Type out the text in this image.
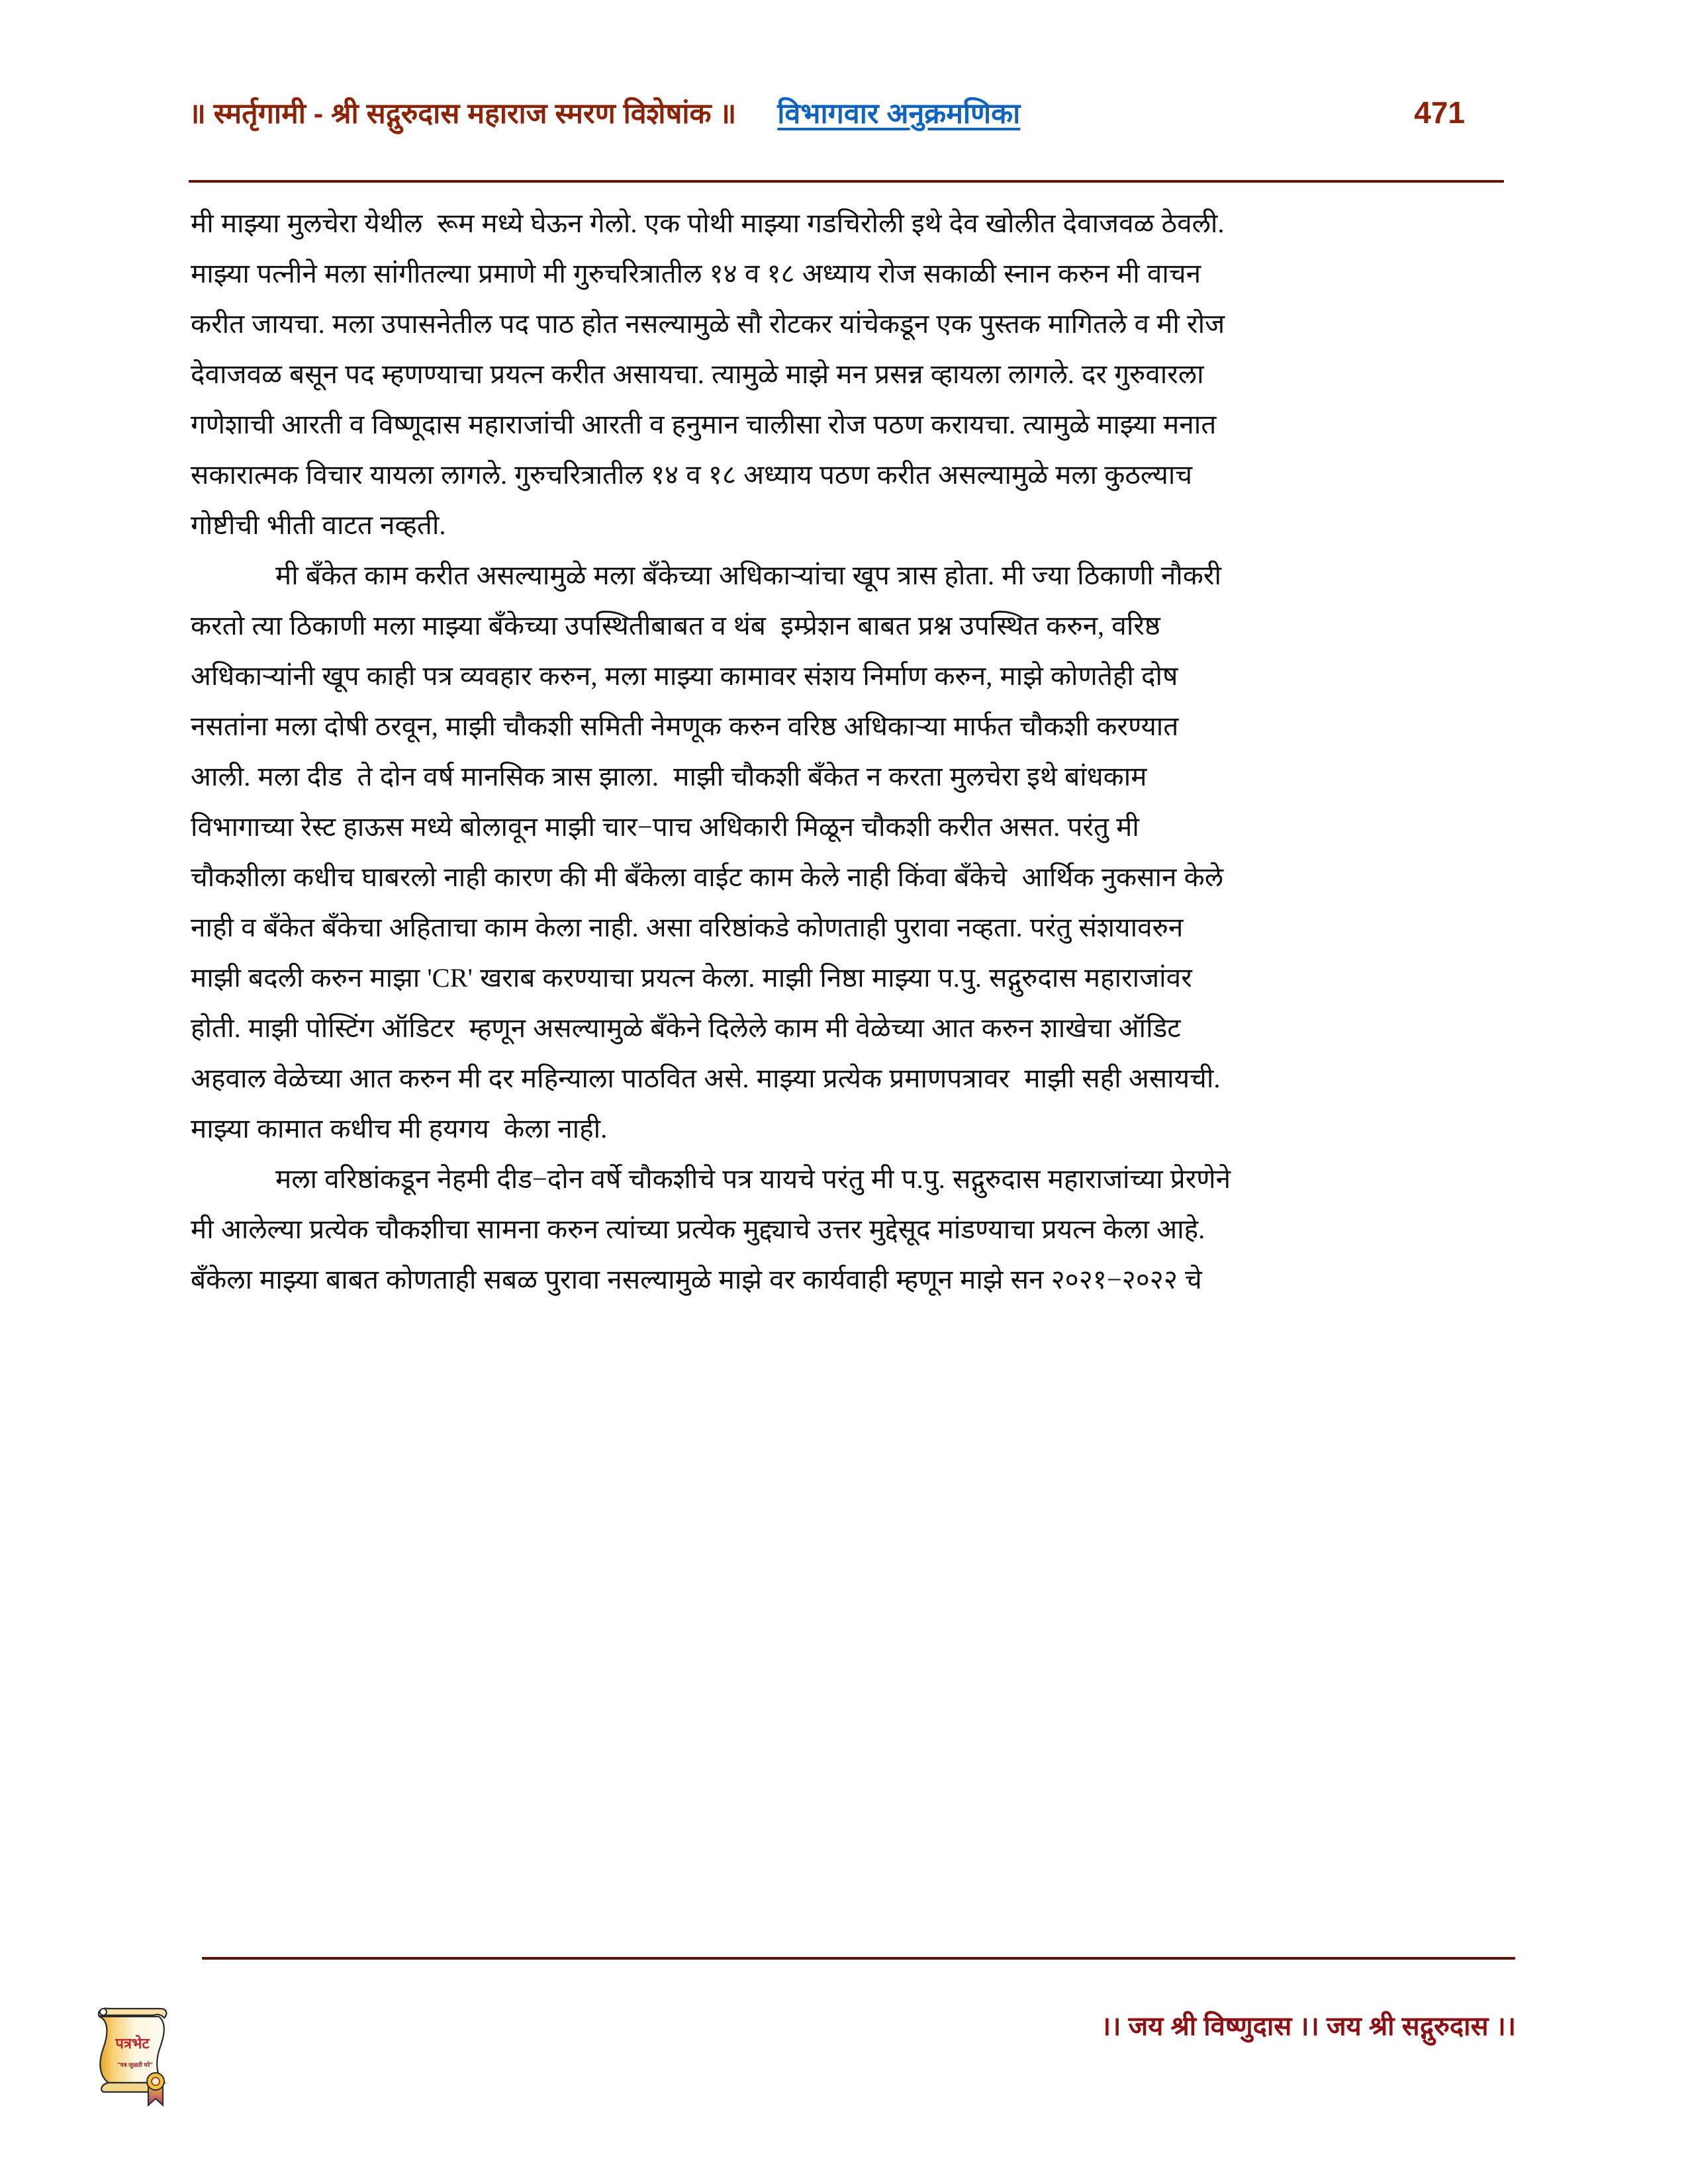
॥ स्मर्तृगामी - श्री सद्गुरुदास महाराज स्मरण विशेषांक ॥ विभागवार अनुक्रमणिका	471
मी माझ्या मुलचेरा येथील  रूम मध्ये घेऊन गेलो. एक पोथी माझ्या गडचिरोली इथे देव खोलीत देवाजवळ ठेवली.
माझ्या पत्नीने मला सांगीतल्या प्रमाणे मी गुरुचरित्रातील १४ व १८ अध्याय रोज सकाळी स्नान करुन मी वाचन
करीत जायचा. मला उपासनेतील पद पाठ होत नसल्यामुळे सौ रोटकर यांचेकडून एक पुस्तक मागितले व मी रोज
देवाजवळ बसून पद म्हणण्याचा प्रयत्न करीत असायचा. त्यामुळे माझे मन प्रसन्न व्हायला लागले. दर गुरुवारला
गणेशाची आरती व विष्णूदास महाराजांची आरती व हनुमान चालीसा रोज पठण करायचा. त्यामुळे माझ्या मनात
सकारात्मक विचार यायला लागले. गुरुचरित्रातील १४ व १८ अध्याय पठण करीत असल्यामुळे मला कुठल्याच
गोष्टीची भीती वाटत नव्हती.
मी बँकेत काम करीत असल्यामुळे मला बँकेच्या अधिकाऱ्यांचा खूप त्रास होता. मी ज्या ठिकाणी नौकरी
करतो त्या ठिकाणी मला माझ्या बँकेच्या उपस्थितीबाबत व थंब  इम्प्रेशन बाबत प्रश्न उपस्थित करुन, वरिष्ठ
अधिकाऱ्यांनी खूप काही पत्र व्यवहार करुन, मला माझ्या कामावर संशय निर्माण करुन, माझे कोणतेही दोष
नसतांना मला दोषी ठरवून, माझी चौकशी समिती नेमणूक करुन वरिष्ठ अधिकाऱ्या मार्फत चौकशी करण्यात
आली. मला दीड  ते दोन वर्ष मानसिक त्रास झाला.  माझी चौकशी बँकेत न करता मुलचेरा इथे बांधकाम
विभागाच्या रेस्ट हाऊस मध्ये बोलावून माझी चार−पाच अधिकारी मिळून चौकशी करीत असत. परंतु मी
चौकशीला कधीच घाबरलो नाही कारण की मी बँकेला वाईट काम केले नाही किंवा बँकेचे  आर्थिक नुकसान केले
नाही व बँकेत बँकेचा अहिताचा काम केला नाही. असा वरिष्ठांकडे कोणताही पुरावा नव्हता. परंतु संशयावरुन
माझी बदली करुन माझा 'CR' खराब करण्याचा प्रयत्न केला. माझी निष्ठा माझ्या प.पु. सद्गुरुदास महाराजांवर
होती. माझी पोस्टिंग ऑडिटर  म्हणून असल्यामुळे बँकेने दिलेले काम मी वेळेच्या आत करुन शाखेचा ऑडिट
अहवाल वेळेच्या आत करुन मी दर महिन्याला पाठवित असे. माझ्या प्रत्येक प्रमाणपत्रावर  माझी सही असायची.
माझ्या कामात कधीच मी हयगय  केला नाही.
मला वरिष्ठांकडून नेहमी दीड−दोन वर्षे चौकशीचे पत्र यायचे परंतु मी प.पु. सद्गुरुदास महाराजांच्या प्रेरणेने
मी आलेल्या प्रत्येक चौकशीचा सामना करुन त्यांच्या प्रत्येक मुद्द्याचे उत्तर मुद्देसूद मांडण्याचा प्रयत्न केला आहे.
बँकेला माझ्या बाबत कोणताही सबळ पुरावा नसल्यामुळे माझे वर कार्यवाही म्हणून माझे सन २०२१−२०२२ चे
।। जय श्री विष्णुदास ।। जय श्री सद्गुरुदास ।।
पत्रभेट
"पत्र जुळती घरे"
